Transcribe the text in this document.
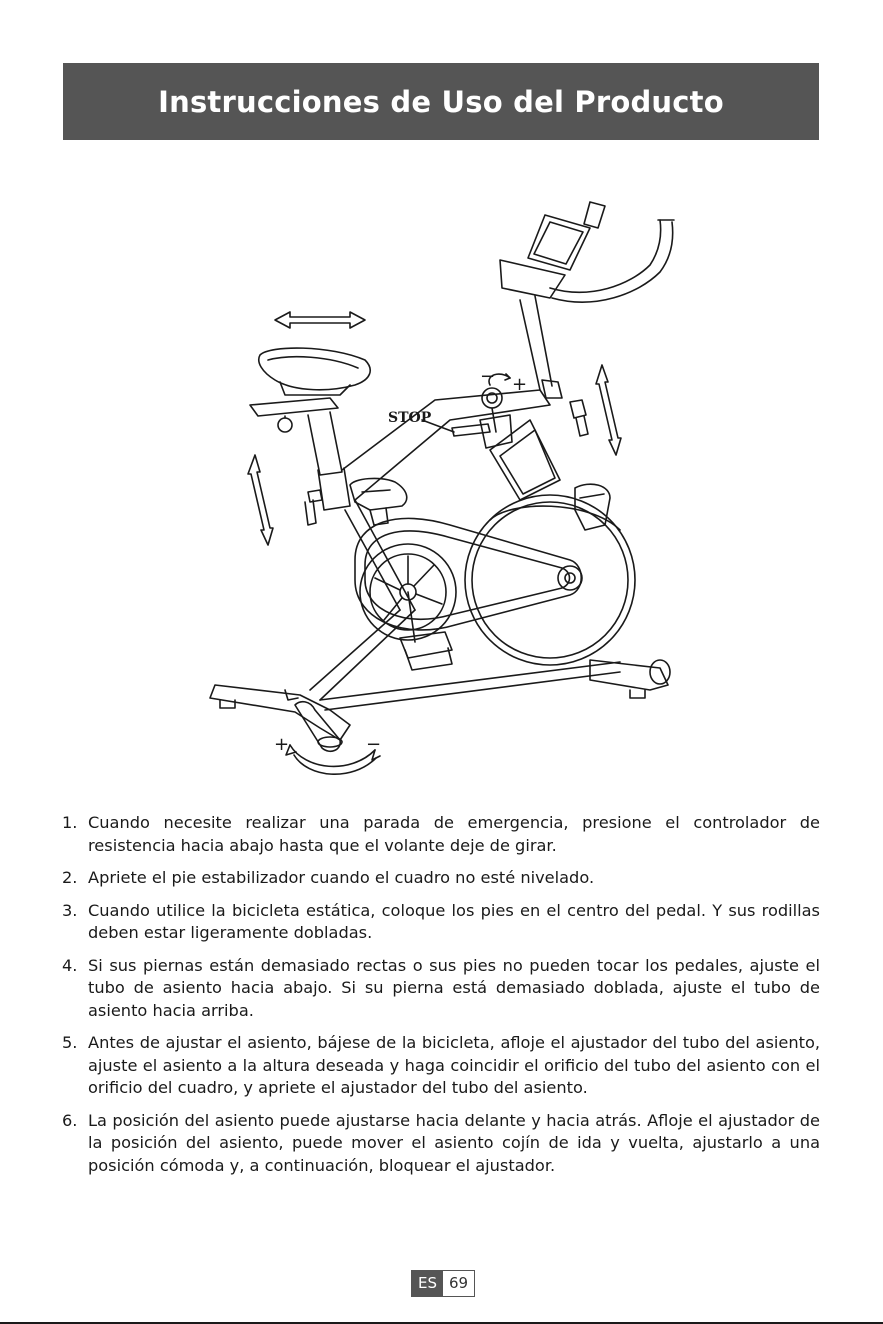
Instrucciones de Uso del Producto
STOP
− +
+	−
1. Cuando necesite realizar una parada de emergencia, presione el controlador de resistencia hacia abajo hasta que el volante deje de girar.
2. Apriete el pie estabilizador cuando el cuadro no esté nivelado.
3. Cuando utilice la bicicleta estática, coloque los pies en el centro del pedal. Y sus rodillas deben estar ligeramente dobladas.
4. Si sus piernas están demasiado rectas o sus pies no pueden tocar los pedales, ajuste el tubo de asiento hacia abajo. Si su pierna está demasiado doblada, ajuste el tubo de asiento hacia arriba.
5. Antes de ajustar el asiento, bájese de la bicicleta, afloje el ajustador del tubo del asiento, ajuste el asiento a la altura deseada y haga coincidir el orificio del tubo del asiento con el orificio del cuadro, y apriete el ajustador del tubo del asiento.
6. La posición del asiento puede ajustarse hacia delante y hacia atrás. Afloje el ajustador de la posición del asiento, puede mover el asiento cojín de ida y vuelta, ajustarlo a una posición cómoda y, a continuación, bloquear el ajustador.
ES 69
